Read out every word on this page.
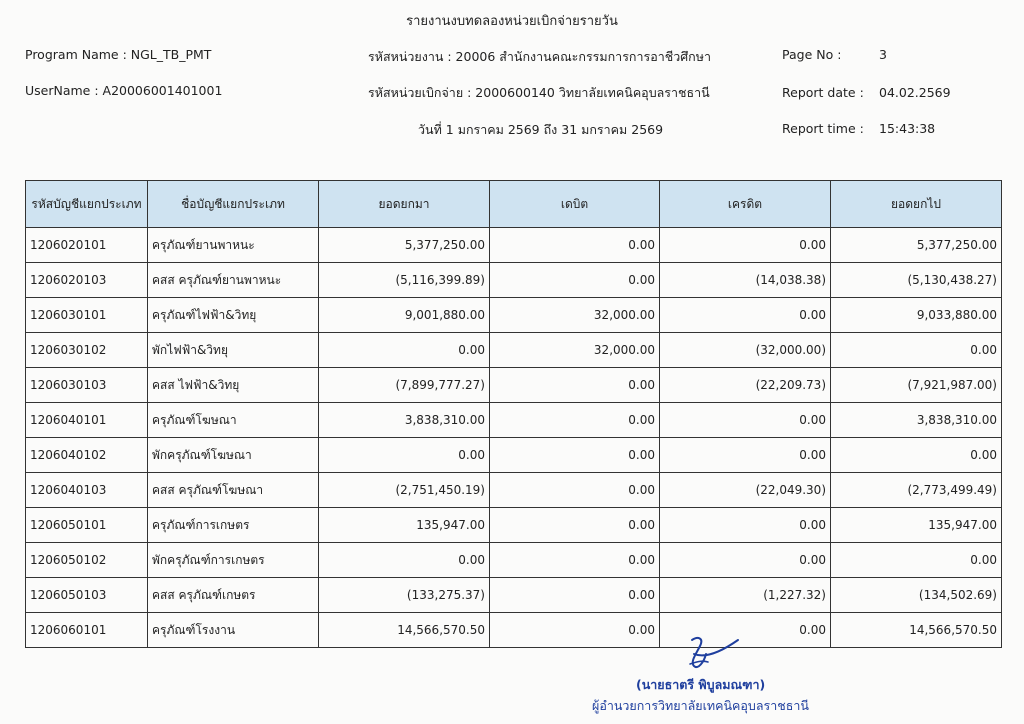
รายงานงบทดลองหน่วยเบิกจ่ายรายวัน
Program Name : NGL_TB_PMT
UserName : A20006001401001
รหัสหน่วยงาน : 20006 สำนักงานคณะกรรมการการอาชีวศึกษา
รหัสหน่วยเบิกจ่าย : 2000600140 วิทยาลัยเทคนิคอุบลราชธานี
วันที่ 1 มกราคม 2569 ถึง 31 มกราคม 2569
Page No :	3
Report date : 04.02.2569
Report time : 15:43:38
รหัสบัญชีแยกประเภท	ชื่อบัญชีแยกประเภท	ยอดยกมา	เดบิต	เครดิต	ยอดยกไป
1206020101	ครุภัณฑ์ยานพาหนะ	5,377,250.00	0.00	0.00	5,377,250.00
1206020103	คสส ครุภัณฑ์ยานพาหนะ	(5,116,399.89)	0.00	(14,038.38)	(5,130,438.27)
1206030101	ครุภัณฑ์ไฟฟ้า&วิทยุ	9,001,880.00	32,000.00	0.00	9,033,880.00
1206030102	พักไฟฟ้า&วิทยุ	0.00	32,000.00	(32,000.00)	0.00
1206030103	คสส ไฟฟ้า&วิทยุ	(7,899,777.27)	0.00	(22,209.73)	(7,921,987.00)
1206040101	ครุภัณฑ์โฆษณา	3,838,310.00	0.00	0.00	3,838,310.00
1206040102	พักครุภัณฑ์โฆษณา	0.00	0.00	0.00	0.00
1206040103	คสส ครุภัณฑ์โฆษณา	(2,751,450.19)	0.00	(22,049.30)	(2,773,499.49)
1206050101	ครุภัณฑ์การเกษตร	135,947.00	0.00	0.00	135,947.00
1206050102	พักครุภัณฑ์การเกษตร	0.00	0.00	0.00	0.00
1206050103	คสส ครุภัณฑ์เกษตร	(133,275.37)	0.00	(1,227.32)	(134,502.69)
1206060101	ครุภัณฑ์โรงงาน	14,566,570.50	0.00	0.00	14,566,570.50
(นายธาตรี พิบูลมณฑา)
ผู้อำนวยการวิทยาลัยเทคนิคอุบลราชธานี
